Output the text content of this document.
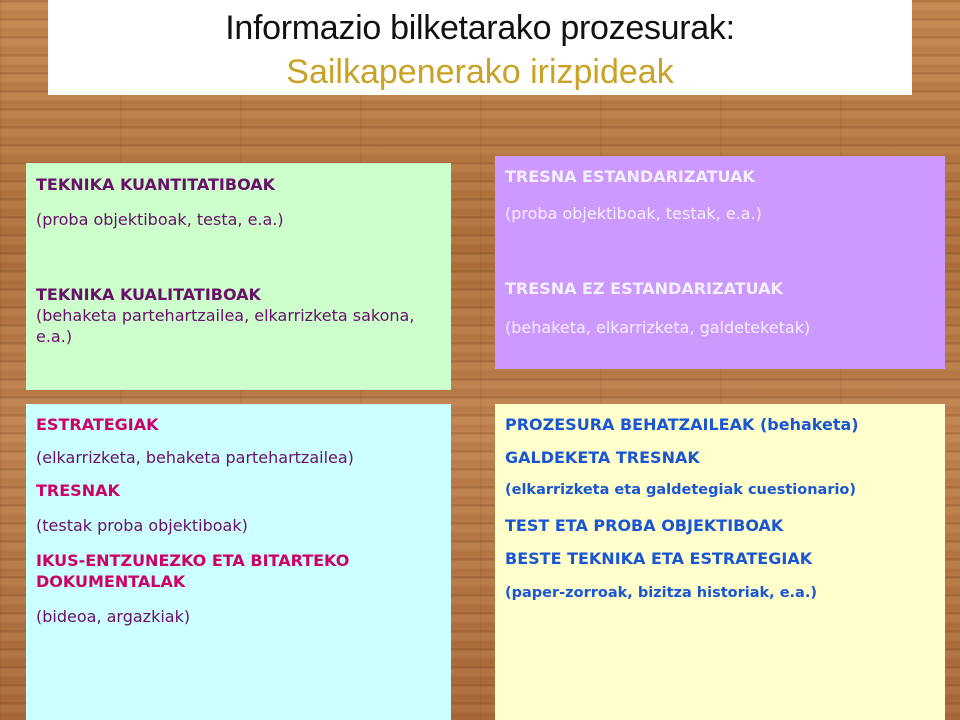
Informazio bilketarako prozesurak:
Sailkapenerako irizpideak

TEKNIKA KUANTITATIBOAK

(proba objektiboak, testa, e.a.)

TEKNIKA KUALITATIBOAK

(behaketa partehartzailea, elkarrizketa sakona, e.a.)

TRESNA ESTANDARIZATUAK

(proba objektiboak, testak, e.a.)

TRESNA EZ ESTANDARIZATUAK

(behaketa, elkarrizketa, galdeteketak)

ESTRATEGIAK

(elkarrizketa, behaketa partehartzailea)

TRESNAK

(testak proba objektiboak)

IKUS-ENTZUNEZKO ETA BITARTEKO DOKUMENTALAK

(bideoa, argazkiak)

PROZESURA BEHATZAILEAK (behaketa)

GALDEKETA TRESNAK

(elkarrizketa eta galdetegiak cuestionario)

TEST ETA PROBA OBJEKTIBOAK

BESTE TEKNIKA ETA ESTRATEGIAK

(paper-zorroak, bizitza historiak, e.a.)
